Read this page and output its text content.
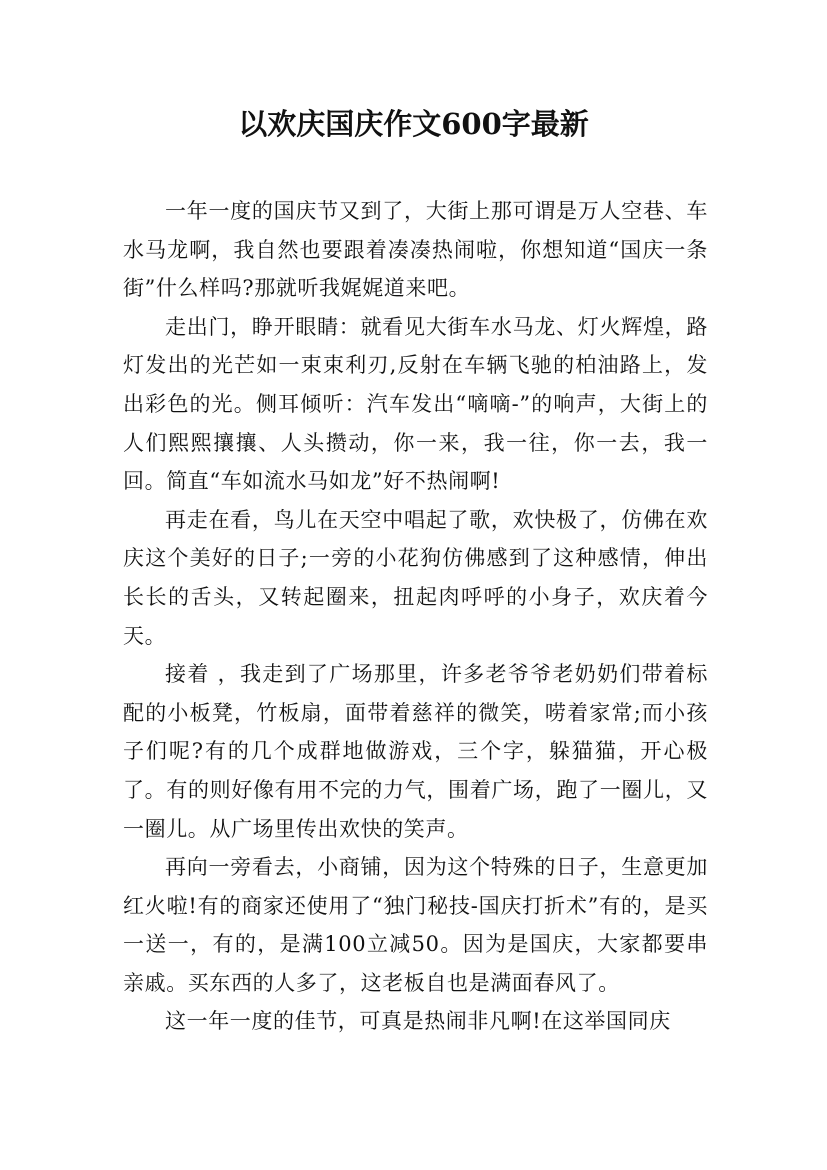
以欢庆国庆作文600字最新

一年一度的国庆节又到了，大街上那可谓是万人空巷、车水马龙啊，我自然也要跟着凑凑热闹啦，你想知道“国庆一条街”什么样吗?那就听我娓娓道来吧。

走出门，睁开眼睛：就看见大街车水马龙、灯火辉煌，路灯发出的光芒如一束束利刃,反射在车辆飞驰的柏油路上，发出彩色的光。侧耳倾听：汽车发出“嘀嘀-”的响声，大街上的人们熙熙攘攘、人头攒动，你一来，我一往，你一去，我一回。简直“车如流水马如龙”好不热闹啊!

再走在看，鸟儿在天空中唱起了歌，欢快极了，仿佛在欢庆这个美好的日子;一旁的小花狗仿佛感到了这种感情，伸出长长的舌头，又转起圈来，扭起肉呼呼的小身子，欢庆着今天。

接着 ，我走到了广场那里，许多老爷爷老奶奶们带着标配的小板凳，竹板扇，面带着慈祥的微笑，唠着家常;而小孩子们呢?有的几个成群地做游戏，三个字，躲猫猫，开心极了。有的则好像有用不完的力气，围着广场，跑了一圈儿，又一圈儿。从广场里传出欢快的笑声。

再向一旁看去，小商铺，因为这个特殊的日子，生意更加红火啦!有的商家还使用了“独门秘技-国庆打折术”有的，是买一送一，有的，是满100立减50。因为是国庆，大家都要串亲戚。买东西的人多了，这老板自也是满面春风了。

这一年一度的佳节，可真是热闹非凡啊!在这举国同庆
